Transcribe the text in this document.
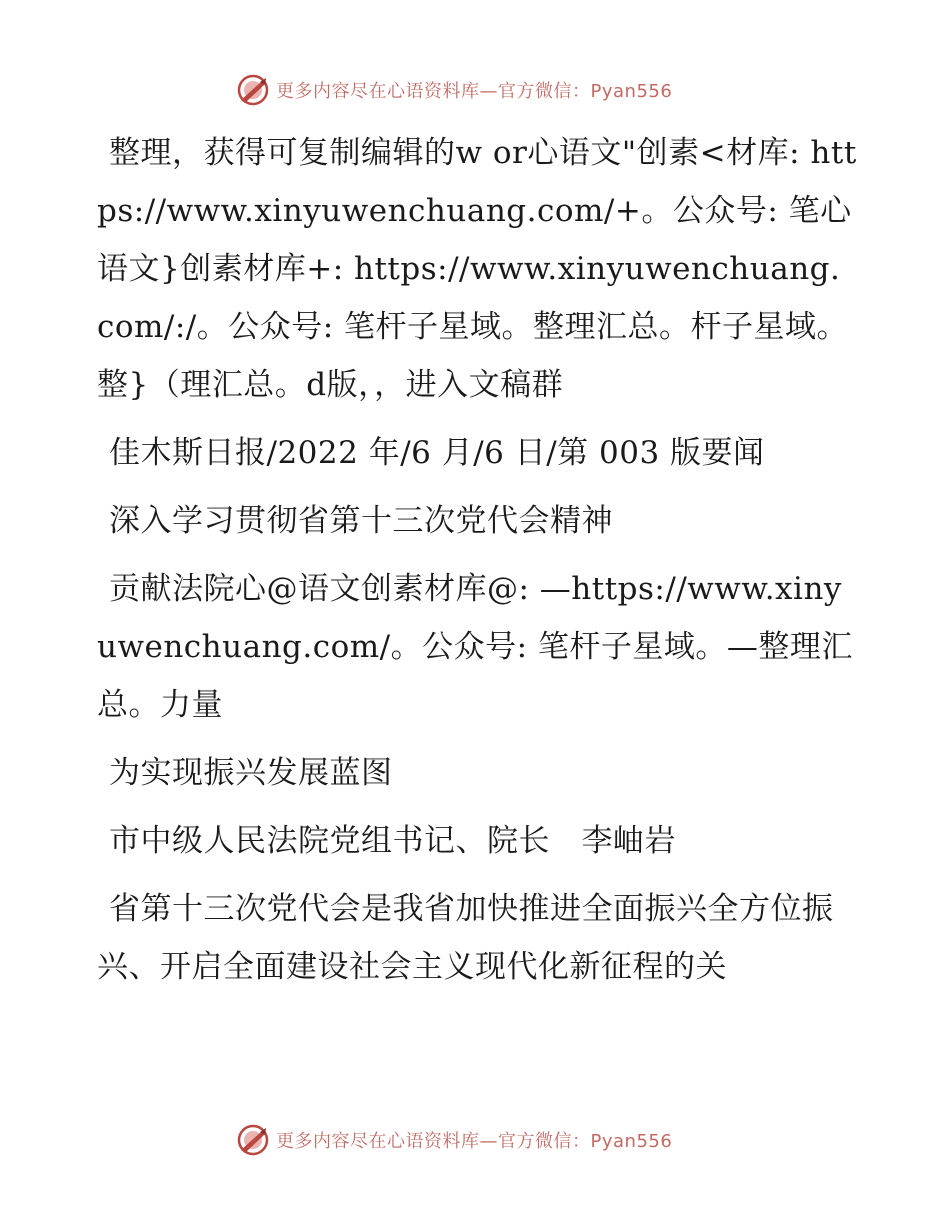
更多内容尽在心语资料库—官方微信：Pyan556

整理，获得可复制编辑的w or心语文"创素<材库: https://www.xinyuwenchuang.com/+。公众号: 笔心语文}创素材库+: https://www.xinyuwenchuang.com/:/。公众号: 笔杆子星域。整理汇总。杆子星域。整}（理汇总。d版，，进入文稿群

佳木斯日报/2022 年/6 月/6 日/第 003 版要闻

深入学习贯彻省第十三次党代会精神

贡献法院心@语文创素材库@: —https://www.xinyuwenchuang.com/。公众号: 笔杆子星域。—整理汇总。力量

为实现振兴发展蓝图

市中级人民法院党组书记、院长　李岫岩

省第十三次党代会是我省加快推进全面振兴全方位振兴、开启全面建设社会主义现代化新征程的关

更多内容尽在心语资料库—官方微信：Pyan556
